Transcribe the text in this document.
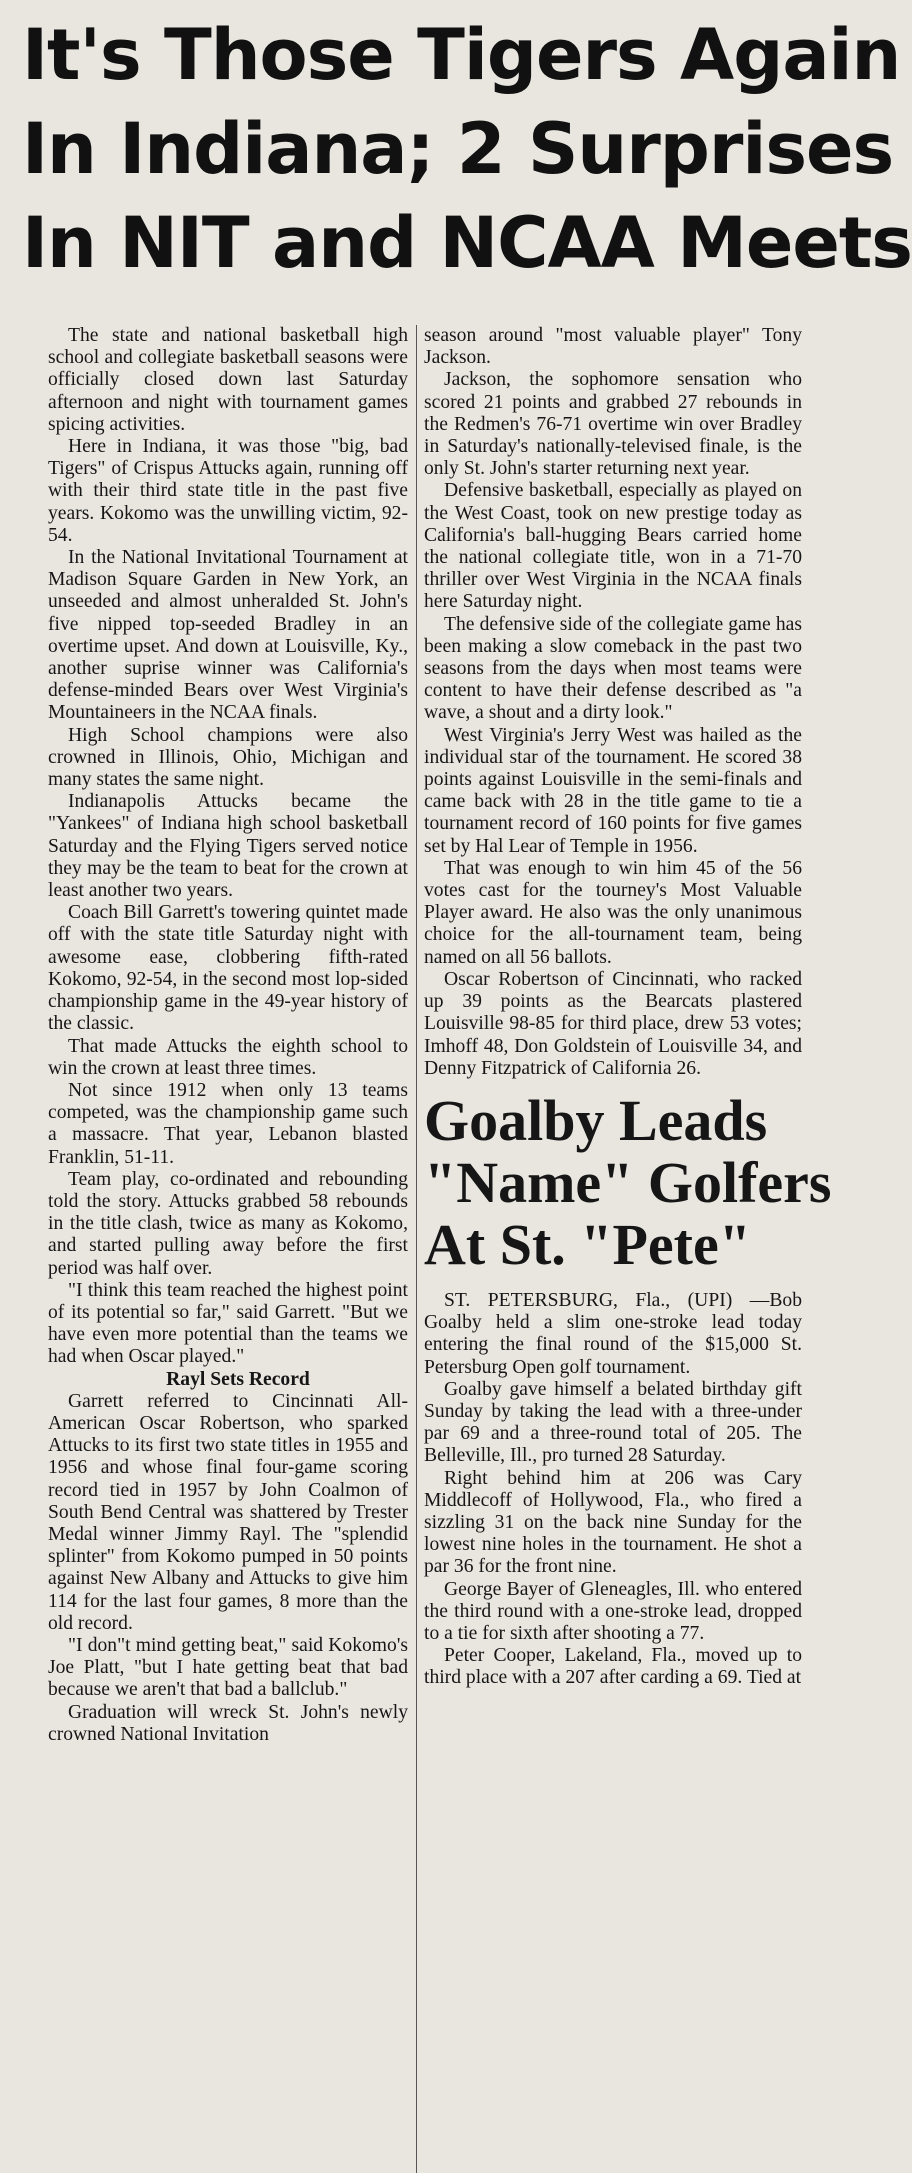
It's Those Tigers Again
In Indiana; 2 Surprises
In NIT and NCAA Meets

The state and national basketball high school and collegiate basketball seasons were officially closed down last Saturday afternoon and night with tournament games spicing activities.

Here in Indiana, it was those "big, bad Tigers" of Crispus Attucks again, running off with their third state title in the past five years. Kokomo was the unwilling victim, 92-54.

In the National Invitational Tournament at Madison Square Garden in New York, an unseeded and almost unheralded St. John's five nipped top-seeded Bradley in an overtime upset. And down at Louisville, Ky., another suprise winner was California's defense-minded Bears over West Virginia's Mountaineers in the NCAA finals.

High School champions were also crowned in Illinois, Ohio, Michigan and many states the same night.

Indianapolis Attucks became the "Yankees" of Indiana high school basketball Saturday and the Flying Tigers served notice they may be the team to beat for the crown at least another two years.

Coach Bill Garrett's towering quintet made off with the state title Saturday night with awesome ease, clobbering fifth-rated Kokomo, 92-54, in the second most lop-sided championship game in the 49-year history of the classic.

That made Attucks the eighth school to win the crown at least three times.

Not since 1912 when only 13 teams competed, was the championship game such a massacre. That year, Lebanon blasted Franklin, 51-11.

Team play, co-ordinated and rebounding told the story. Attucks grabbed 58 rebounds in the title clash, twice as many as Kokomo, and started pulling away before the first period was half over.

"I think this team reached the highest point of its potential so far," said Garrett. "But we have even more potential than the teams we had when Oscar played."

Rayl Sets Record

Garrett referred to Cincinnati All-American Oscar Robertson, who sparked Attucks to its first two state titles in 1955 and 1956 and whose final four-game scoring record tied in 1957 by John Coalmon of South Bend Central was shattered by Trester Medal winner Jimmy Rayl. The "splendid splinter" from Kokomo pumped in 50 points against New Albany and Attucks to give him 114 for the last four games, 8 more than the old record.

"I don"t mind getting beat," said Kokomo's Joe Platt, "but I hate getting beat that bad because we aren't that bad a ballclub."

Graduation will wreck St. John's newly crowned National Invitation

season around "most valuable player" Tony Jackson.

Jackson, the sophomore sensation who scored 21 points and grabbed 27 rebounds in the Redmen's 76-71 overtime win over Bradley in Saturday's nationally-televised finale, is the only St. John's starter returning next year.

Defensive basketball, especially as played on the West Coast, took on new prestige today as California's ball-hugging Bears carried home the national collegiate title, won in a 71-70 thriller over West Virginia in the NCAA finals here Saturday night.

The defensive side of the collegiate game has been making a slow comeback in the past two seasons from the days when most teams were content to have their defense described as "a wave, a shout and a dirty look."

West Virginia's Jerry West was hailed as the individual star of the tournament. He scored 38 points against Louisville in the semi-finals and came back with 28 in the title game to tie a tournament record of 160 points for five games set by Hal Lear of Temple in 1956.

That was enough to win him 45 of the 56 votes cast for the tourney's Most Valuable Player award. He also was the only unanimous choice for the all-tournament team, being named on all 56 ballots.

Oscar Robertson of Cincinnati, who racked up 39 points as the Bearcats plastered Louisville 98-85 for third place, drew 53 votes; Imhoff 48, Don Goldstein of Louisville 34, and Denny Fitzpatrick of California 26.

Goalby Leads
"Name" Golfers
At St. "Pete"

ST. PETERSBURG, Fla., (UPI) —Bob Goalby held a slim one-stroke lead today entering the final round of the $15,000 St. Petersburg Open golf tournament.

Goalby gave himself a belated birthday gift Sunday by taking the lead with a three-under par 69 and a three-round total of 205. The Belleville, Ill., pro turned 28 Saturday.

Right behind him at 206 was Cary Middlecoff of Hollywood, Fla., who fired a sizzling 31 on the back nine Sunday for the lowest nine holes in the tournament. He shot a par 36 for the front nine.

George Bayer of Gleneagles, Ill. who entered the third round with a one-stroke lead, dropped to a tie for sixth after shooting a 77.

Peter Cooper, Lakeland, Fla., moved up to third place with a 207 after carding a 69. Tied at
